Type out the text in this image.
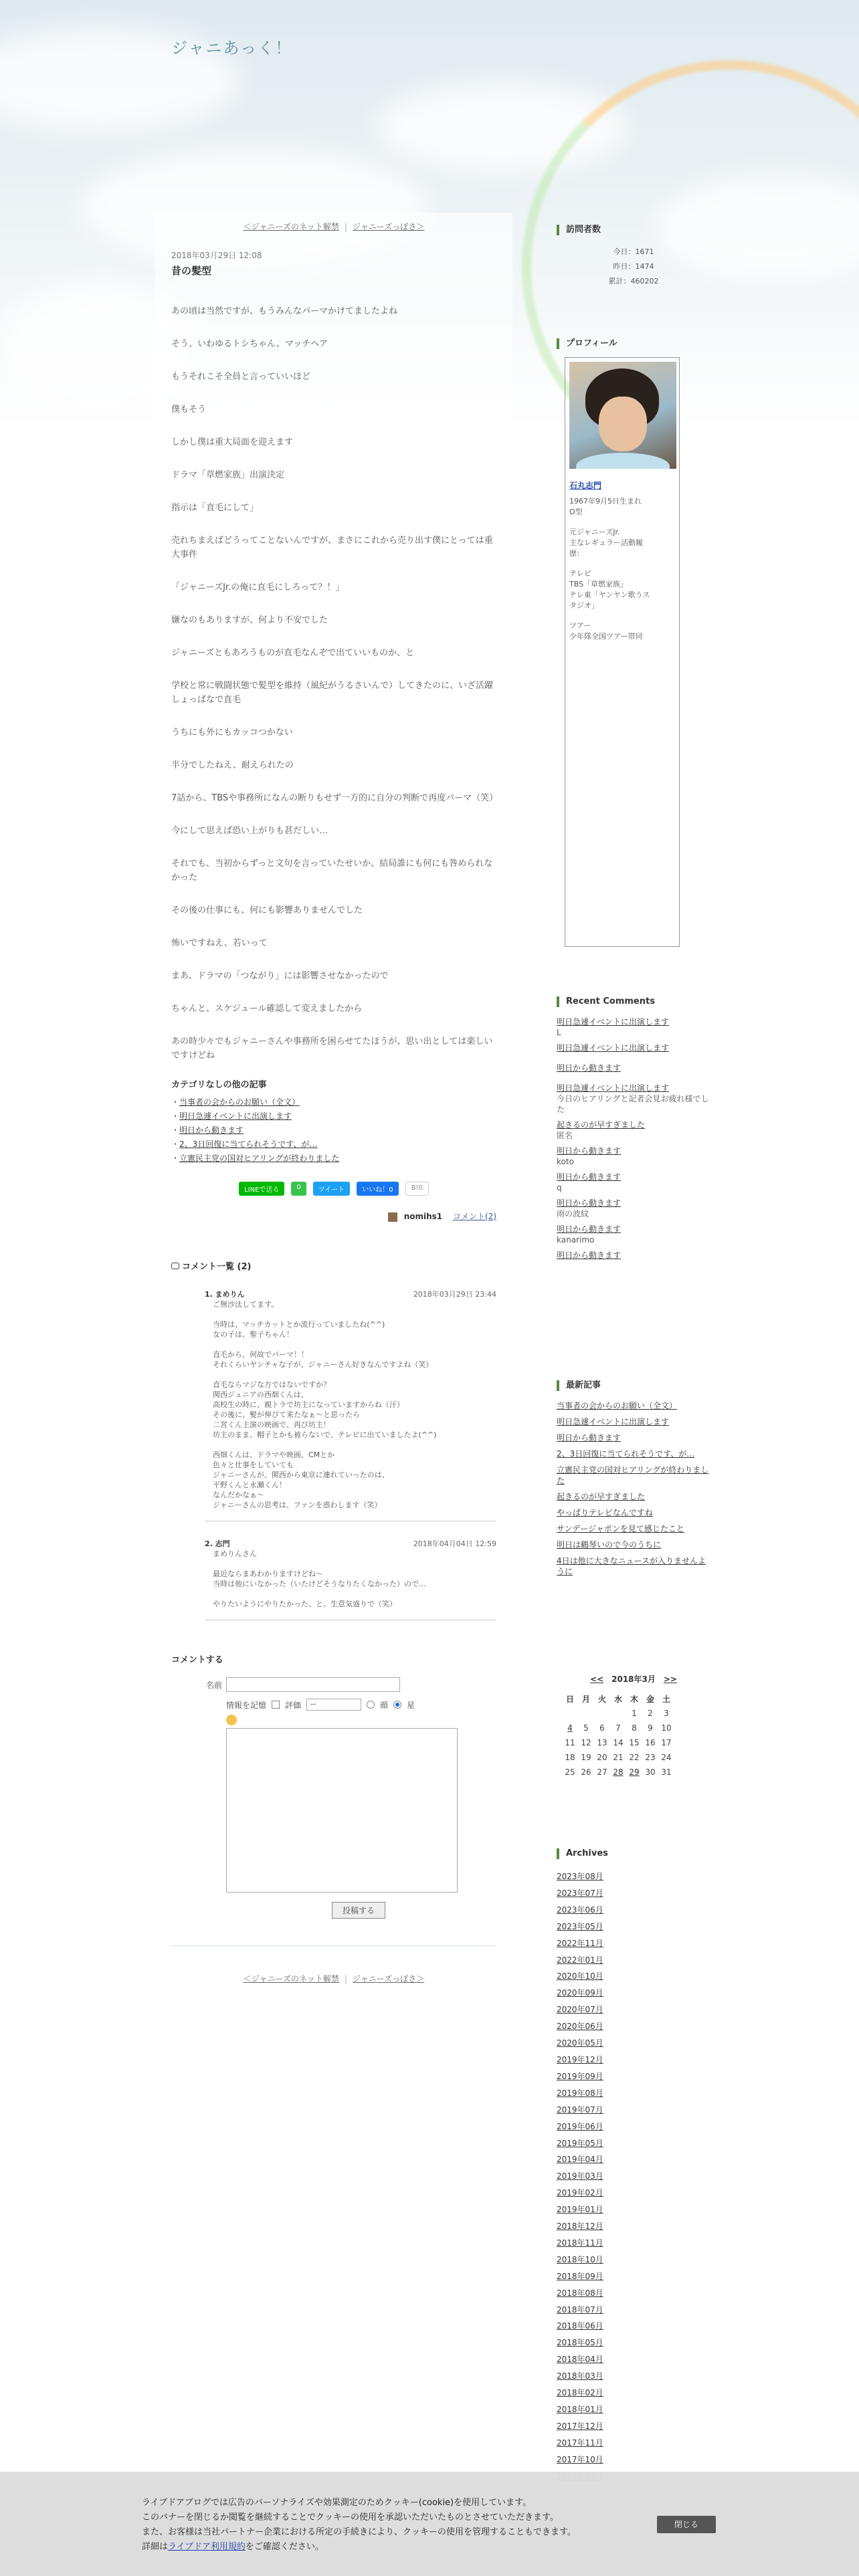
ジャニあっく！
＜ジャニーズのネット解禁 | ジャニーズっぽさ＞
2018年03月29日 12:08
昔の髪型

あの頃は当然ですが、もうみんなパーマかけてましたよね

そう、いわゆるトシちゃん、マッチヘア

もうそれこそ全員と言っていいほど

僕もそう

しかし僕は重大局面を迎えます

ドラマ「草燃家族」出演決定

指示は「直毛にして」

売れちまえばどうってことないんですが、まさにこれから売り出す僕にとっては重大事件

「ジャニーズJr.の俺に直毛にしろって？！」

嫌なのもありますが、何より不安でした

ジャニーズともあろうものが直毛なんぞで出ていいものか、と

学校と常に戦闘状態で髪型を維持（風紀がうるさいんで）してきたのに、いざ活躍しょっぱなで直毛

うちにも外にもカッコつかない

半分でしたねえ、耐えられたの

7話から、TBSや事務所になんの断りもせず一方的に自分の判断で再度パーマ（笑）

今にして思えば恐い上がりも甚だしい…

それでも、当初からずっと文句を言っていたせいか、結局誰にも何にも咎められなかった

その後の仕事にも、何にも影響ありませんでした

怖いですねえ、若いって

まあ、ドラマの「つながり」には影響させなかったので

ちゃんと、スケジュール確認して変えましたから

あの時少々でもジャニーさんや事務所を困らせてたほうが、思い出としては楽しいですけどね

カテゴリなしの他の記事
・当事者の会からのお願い（全文）
・明日急遽イベントに出演します
・明日から動きます
・2、3日回復に当てられそうです、が…
・立憲民主党の国対ヒアリングが終わりました
LINEで送る	0	ツイート	いいね！0	B!0
nomihs1 コメント(2)
コメント一覧 (2)
1. まめりん	2018年03月29日 23:44
ご無沙汰してます。
当時は、マッチカットとか流行っていましたね(^^)
女の子は、聖子ちゃん！
直毛から、何故でパーマ！！
それくらいヤンチャな子が、ジャニーさん好きなんですよね（笑）
直毛ならマジな方ではないですか？
関西ジュニアの西畑くんは、
高校生の時に、親トラで坊主になっていますからね（汗）
その後に、髪が伸びて来たなぁ～と思ったら
二宮くん主演の映画で、再び坊主！
坊主のまま、帽子とかも被らないで、テレビに出ていましたよ(^^)
西畑くんは、ドラマや映画、CMとか
色々と仕事をしていても
ジャニーさんが、関西から東京に連れていったのは、
平野くんと永瀬くん！
なんだかなぁ～
ジャニーさんの思考は、ファンを惑わします（笑）
2. 志門	2018年04月04日 12:59
まめりんさん
最近ならまあわかりますけどね～
当時は他にいなかった（いたけどそうなりたくなかった）ので…
やりたいようにやりたかった、と。生意気盛りで（笑）
コメントする
名前
情報を記憶 評価	ー	顔 星
投稿する
＜ジャニーズのネット解禁 | ジャニーズっぽさ＞
訪問者数
今日：1671
昨日：1474
累計：460202
プロフィール
石丸志門
1967年9月5日生まれ
O型
元ジャニーズJr.
主なレギュラー活動履
歴：
テレビ
TBS「草燃家族」
テレ東「ヤンヤン歌うス
タジオ」
ツアー
少年隊全国ツアー帯同
Recent Comments
明日急遽イベントに出演します
L
明日急遽イベントに出演します
明日から動きます
明日急遽イベントに出演します
今日のヒアリングと記者会見お疲れ様でした
起きるのが早すぎました
匿名
明日から動きます
koto
明日から動きます
q
明日から動きます
雨の波紋
明日から動きます
kanarimo
明日から動きます
最新記事
当事者の会からのお願い（全文）
明日急遽イベントに出演します
明日から動きます
2、3日回復に当てられそうです、が…
立憲民主党の国対ヒアリングが終わりました
起きるのが早すぎました
やっぱりテレビなんですね
サンデージャポンを見て感じたこと
明日は鶴琴いので今のうちに
4日は他に大きなニュースが入りませんように
<< 2018年3月 >>
日	月	火	水	木	金	土
				1	2	3
4	5	6	7	8	9	10
11	12	13	14	15	16	17
18	19	20	21	22	23	24
25	26	27	28	29	30	31
Archives
2023年08月
2023年07月
2023年06月
2023年05月
2022年11月
2022年01月
2020年10月
2020年09月
2020年07月
2020年06月
2020年05月
2019年12月
2019年09月
2019年08月
2019年07月
2019年06月
2019年05月
2019年04月
2019年03月
2019年02月
2019年01月
2018年12月
2018年11月
2018年10月
2018年09月
2018年08月
2018年07月
2018年06月
2018年05月
2018年04月
2018年03月
2018年02月
2018年01月
2017年12月
2017年11月
2017年10月
ライブドアブログでは広告のパーソナライズや効果測定のためクッキー(cookie)を使用しています。
このバナーを閉じるか閲覧を継続することでクッキーの使用を承認いただいたものとさせていただきます。
また、お客様は当社パートナー企業における所定の手続きにより、クッキーの使用を管理することもできます。
詳細はライブドア利用規約をご確認ください。
閉じる
